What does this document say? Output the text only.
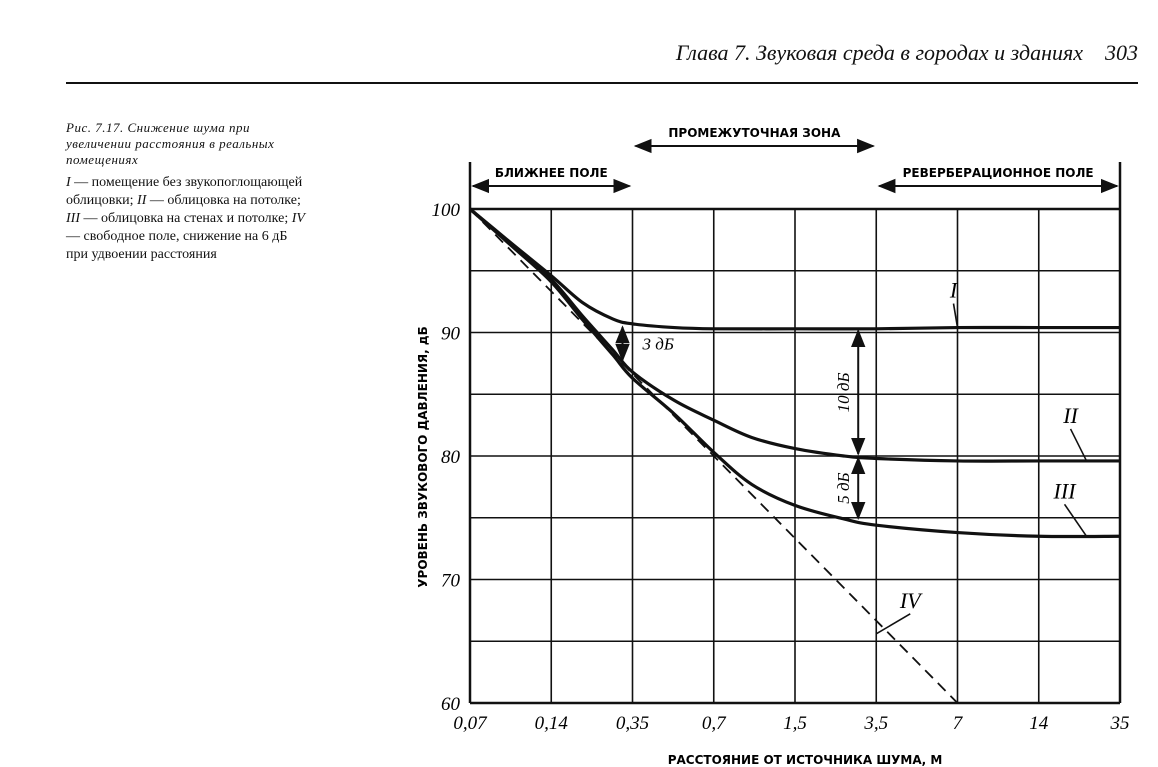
Глава 7. Звуковая среда в городах и зданиях 303
Рис. 7.17. Снижение шума при увеличении расстояния в реальных помещениях
I — помещение без звукопоглощающей облицовки; II — облицовка на потолке; III — облицовка на стенах и потолке; IV — свободное поле, снижение на 6 дБ при удвоении расстояния
0,07	0,14	0,35	0,7	1,5	3,5	7	14	35
60
70
80
90
100
БЛИЖНЕЕ ПОЛЕ
ПРОМЕЖУТОЧНАЯ ЗОНА
РЕВЕРБЕРАЦИОННОЕ ПОЛЕ
3 дБ
10 дБ
5 дБ
I
II
III
IV
РАССТОЯНИЕ ОТ ИСТОЧНИКА ШУМА, М
УРОВЕНЬ ЗВУКОВОГО ДАВЛЕНИЯ, дБ
